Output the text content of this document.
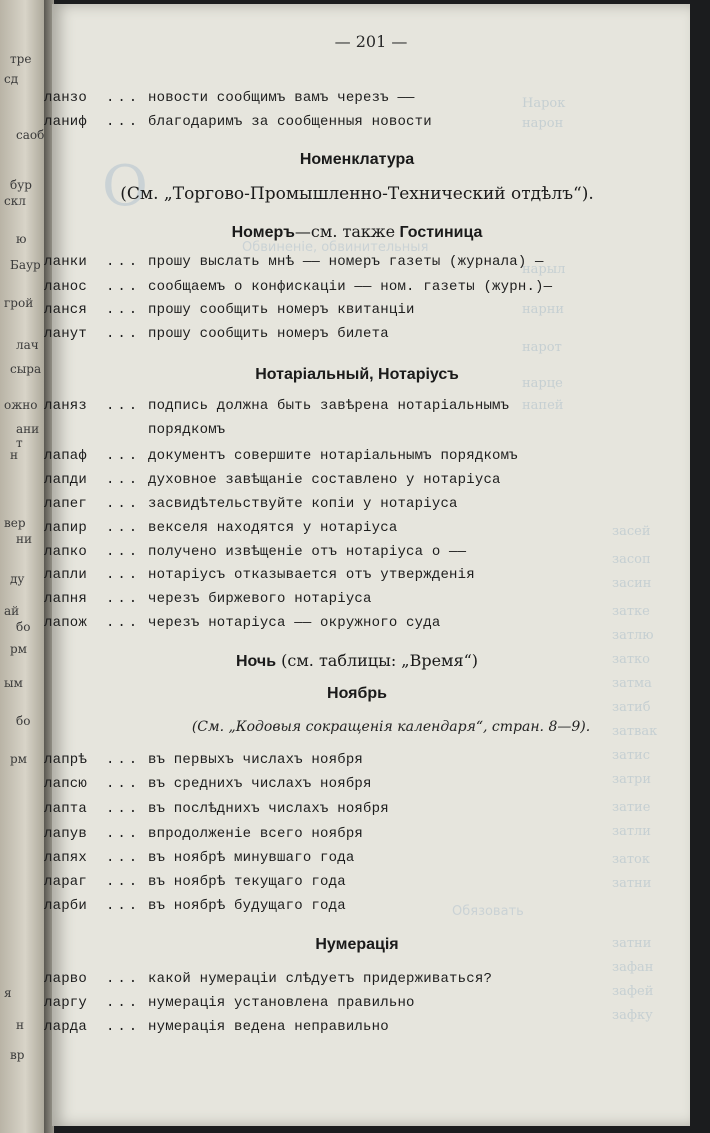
тре
сд
саоб
бур
скл
ю
Баур
грой
лач
сыра
ожно
ани т
н
вер
ни
ду
ай
бо
рм
ым
бо
рм
я
н
вр
О
Нарок
нарон
Обвиненіе, обвинительныя
нарыл
нарни
нарот
нарце
напей
засей
засоп
засин
затке
затлю
затко
затма
затиб
затвак
затис
затри
затие
затли
заток
затни
Обязовать
затни
зафан
зафей
зафку
— 201 —
ланзо ... новости сообщимъ вамъ черезъ ——
ланиф ... благодаримъ за сообщенныя новости
Номенклатура
(См. „Торгово-Промышленно-Технический отдѣлъ“).
Номеръ—см. также Гостиница
ланки ... прошу выслать мнѣ —— номеръ газеты (журнала) —
ланос ... сообщаемъ о конфискаціи —— ном. газеты (журн.)—
ланся ... прошу сообщить номеръ квитанціи
ланут ... прошу сообщить номеръ билета
Нотаріальный, Нотаріусъ
ланяз ... подпись должна быть завѣрена нотаріальнымъ
порядкомъ
лапаф ... документъ совершите нотаріальнымъ порядкомъ
лапди ... духовное завѣщаніе составлено у нотаріуса
лапег ... засвидѣтельствуйте копіи у нотаріуса
лапир ... векселя находятся у нотаріуса
лапко ... получено извѣщеніе отъ нотаріуса о ——
лапли ... нотаріусъ отказывается отъ утвержденія
лапня ... черезъ биржевого нотаріуса
лапож ... черезъ нотаріуса —— окружного суда
Ночь (см. таблицы: „Время“)
Ноябрь
(См. „Кодовыя сокращенія календаря“, стран. 8—9).
лапрѣ ... въ первыхъ числахъ ноября
лапсю ... въ среднихъ числахъ ноября
лапта ... въ послѣднихъ числахъ ноября
лапув ... впродолженіе всего ноября
лапях ... въ ноябрѣ минувшаго года
лараг ... въ ноябрѣ текущаго года
ларби ... въ ноябрѣ будущаго года
Нумерація
ларво ... какой нумераціи слѣдуетъ придерживаться?
ларгу ... нумерація установлена правильно
ларда ... нумерація ведена неправильно
